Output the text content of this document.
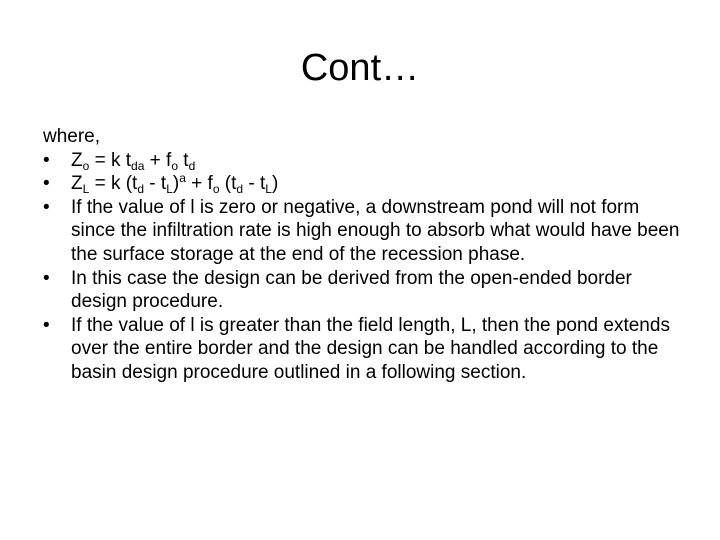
Cont…

where,

• $Z_o = k$ $t_{da} + f_o$ $t_d$
• $Z_L = k$ $(t_d - t_L)^a + f_o$ $(t_d - t_L)$
• If the value of l is zero or negative, a downstream pond will not form since the infiltration rate is high enough to absorb what would have been the surface storage at the end of the recession phase.
• In this case the design can be derived from the open-ended border design procedure.
• If the value of l is greater than the field length, L, then the pond extends over the entire border and the design can be handled according to the basin design procedure outlined in a following section.
